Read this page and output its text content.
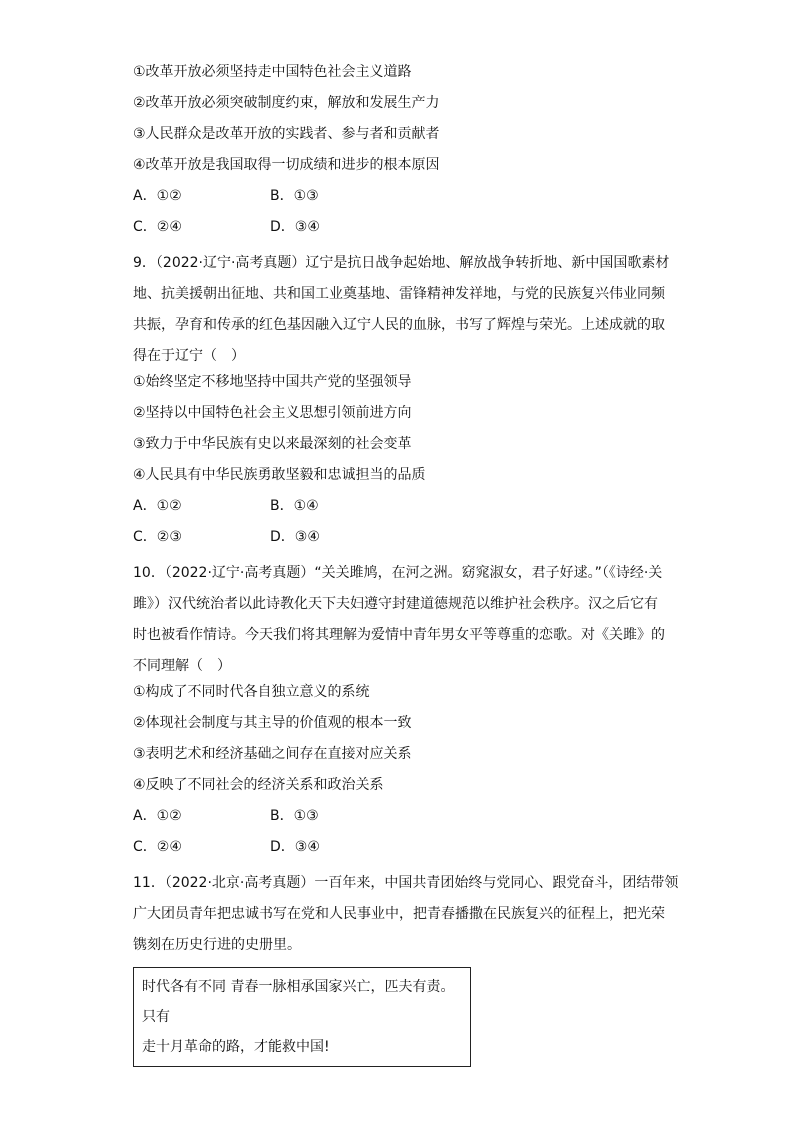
①改革开放必须坚持走中国特色社会主义道路
②改革开放必须突破制度约束，解放和发展生产力
③人民群众是改革开放的实践者、参与者和贡献者
④改革开放是我国取得一切成绩和进步的根本原因
A．①②	B．①③
C．②④	D．③④
9．（2022·辽宁·高考真题）辽宁是抗日战争起始地、解放战争转折地、新中国国歌素材
地、抗美援朝出征地、共和国工业奠基地、雷锋精神发祥地，与党的民族复兴伟业同频
共振，孕育和传承的红色基因融入辽宁人民的血脉，书写了辉煌与荣光。上述成就的取
得在于辽宁（　）
①始终坚定不移地坚持中国共产党的坚强领导
②坚持以中国特色社会主义思想引领前进方向
③致力于中华民族有史以来最深刻的社会变革
④人民具有中华民族勇敢坚毅和忠诚担当的品质
A．①②	B．①④
C．②③	D．③④
10．（2022·辽宁·高考真题）“关关雎鸠，在河之洲。窈窕淑女，君子好逑。”（《诗经·关
雎》）汉代统治者以此诗教化天下夫妇遵守封建道德规范以维护社会秩序。汉之后它有
时也被看作情诗。今天我们将其理解为爱情中青年男女平等尊重的恋歌。对《关雎》的
不同理解（　）
①构成了不同时代各自独立意义的系统
②体现社会制度与其主导的价值观的根本一致
③表明艺术和经济基础之间存在直接对应关系
④反映了不同社会的经济关系和政治关系
A．①②	B．①③
C．②④	D．③④
11．（2022·北京·高考真题）一百年来，中国共青团始终与党同心、跟党奋斗，团结带领
广大团员青年把忠诚书写在党和人民事业中，把青春播撒在民族复兴的征程上，把光荣
镌刻在历史行进的史册里。
时代各有不同 青春一脉相承国家兴亡，匹夫有责。只有
走十月革命的路，才能救中国!
